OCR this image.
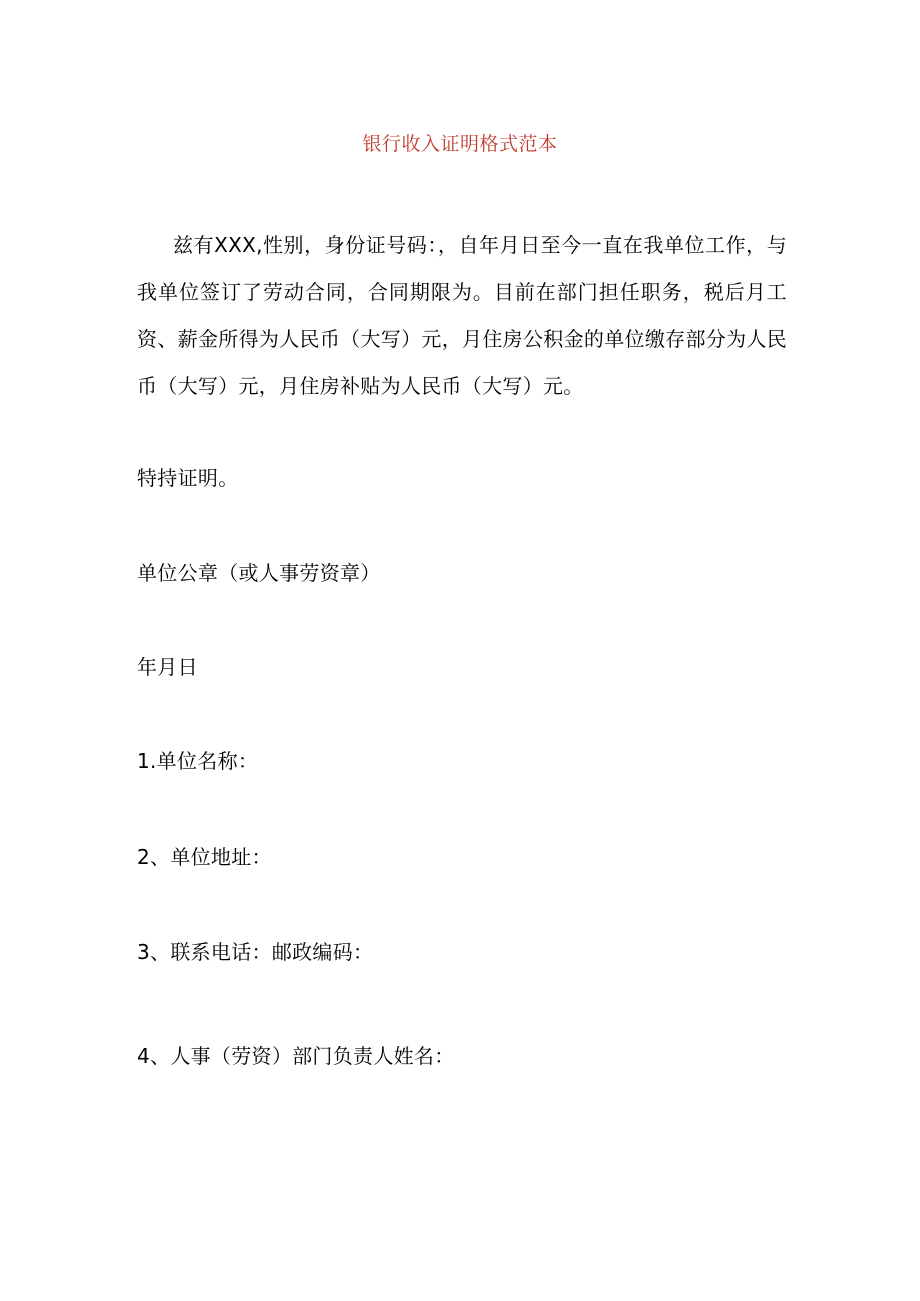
银行收入证明格式范本
兹有XXX,性别，身份证号码：，自年月日至今一直在我单位工作，与我单位签订了劳动合同，合同期限为。目前在部门担任职务，税后月工资、薪金所得为人民币（大写）元，月住房公积金的单位缴存部分为人民币（大写）元，月住房补贴为人民币（大写）元。
特持证明。
单位公章（或人事劳资章）
年月日
1.单位名称：
2、单位地址：
3、联系电话：邮政编码：
4、人事（劳资）部门负责人姓名：
